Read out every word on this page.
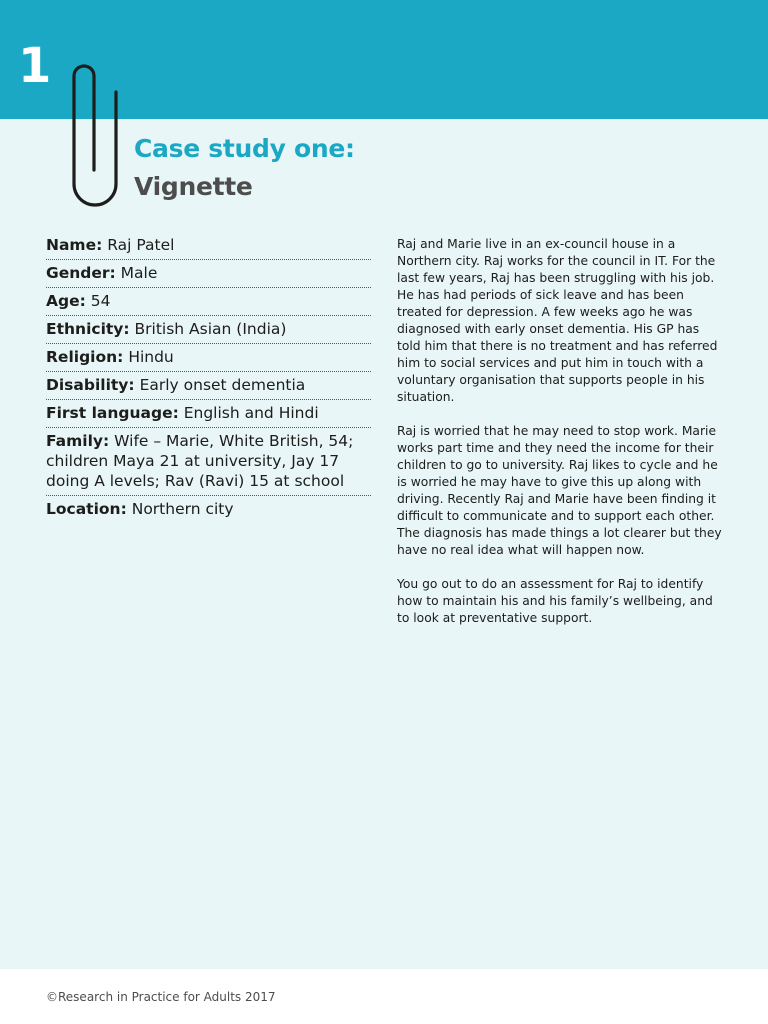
1
Case study one:
Vignette
Name: Raj Patel
Gender: Male
Age: 54
Ethnicity: British Asian (India)
Religion: Hindu
Disability: Early onset dementia
First language: English and Hindi
Family: Wife – Marie, White British, 54; children Maya 21 at university, Jay 17 doing A levels; Rav (Ravi) 15 at school
Location: Northern city

Raj and Marie live in an ex-council house in a Northern city. Raj works for the council in IT. For the last few years, Raj has been struggling with his job. He has had periods of sick leave and has been treated for depression. A few weeks ago he was diagnosed with early onset dementia. His GP has told him that there is no treatment and has referred him to social services and put him in touch with a voluntary organisation that supports people in his situation.

Raj is worried that he may need to stop work. Marie works part time and they need the income for their children to go to university. Raj likes to cycle and he is worried he may have to give this up along with driving. Recently Raj and Marie have been finding it difficult to communicate and to support each other. The diagnosis has made things a lot clearer but they have no real idea what will happen now.

You go out to do an assessment for Raj to identify how to maintain his and his family’s wellbeing, and to look at preventative support.

©Research in Practice for Adults 2017
